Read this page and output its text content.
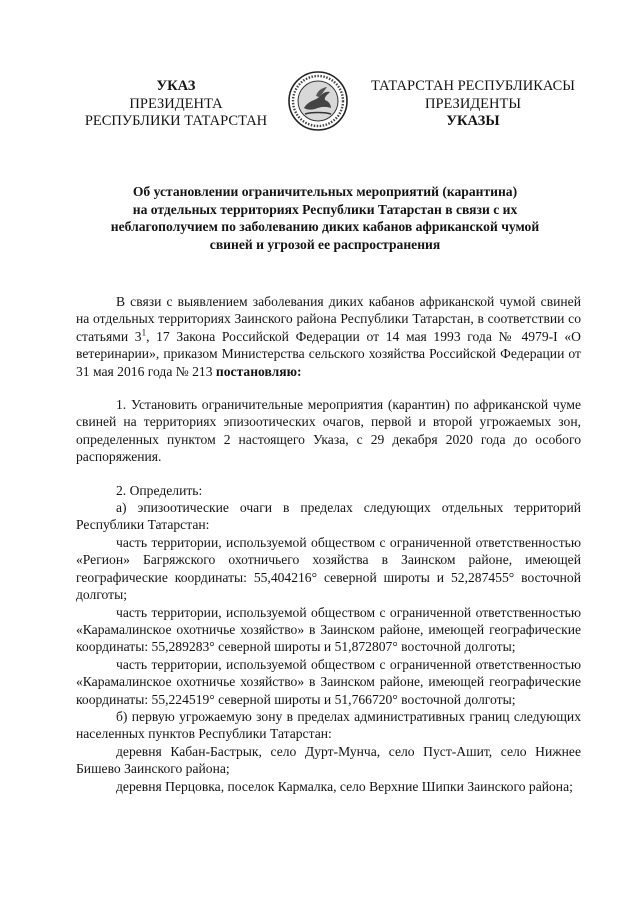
УКАЗ
ПРЕЗИДЕНТА
РЕСПУБЛИКИ ТАТАРСТАН
ТАТАРСТАН РЕСПУБЛИКАСЫ
ПРЕЗИДЕНТЫ
УКАЗЫ
Об установлении ограничительных мероприятий (карантина)
на отдельных территориях Республики Татарстан в связи с их
неблагополучием по заболеванию диких кабанов африканской чумой
свиней и угрозой ее распространения

В связи с выявлением заболевания диких кабанов африканской чумой свиней на отдельных территориях Заинского района Республики Татарстан, в соответствии со статьями $3^1$, 17 Закона Российской Федерации от 14 мая 1993 года № 4979-I «О ветеринарии», приказом Министерства сельского хозяйства Российской Федерации от 31 мая 2016 года № 213 постановляю:

1. Установить ограничительные мероприятия (карантин) по африканской чуме свиней на территориях эпизоотических очагов, первой и второй угрожаемых зон, определенных пунктом 2 настоящего Указа, с 29 декабря 2020 года до особого распоряжения.

2. Определить:

а) эпизоотические очаги в пределах следующих отдельных территорий Республики Татарстан:

часть территории, используемой обществом с ограниченной ответственностью «Регион» Багряжского охотничьего хозяйства в Заинском районе, имеющей географические координаты: 55,404216° северной широты и 52,287455° восточной долготы;

часть территории, используемой обществом с ограниченной ответственностью «Карамалинское охотничье хозяйство» в Заинском районе, имеющей географические координаты: 55,289283° северной широты и 51,872807° восточной долготы;

часть территории, используемой обществом с ограниченной ответственностью «Карамалинское охотничье хозяйство» в Заинском районе, имеющей географические координаты: 55,224519° северной широты и 51,766720° восточной долготы;

б) первую угрожаемую зону в пределах административных границ следующих населенных пунктов Республики Татарстан:

деревня Кабан-Бастрык, село Дурт-Мунча, село Пуст-Ашит, село Нижнее Бишево Заинского района;

деревня Перцовка, поселок Кармалка, село Верхние Шипки Заинского района;
